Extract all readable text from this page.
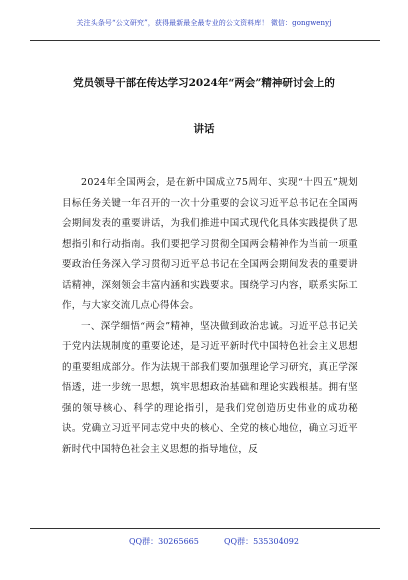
关注头条号“公文研究”，获得最新最全最专业的公文资料库！ 微信：gongwenyj
党员领导干部在传达学习2024年“两会”精神研讨会上的
讲话

2024年全国两会，是在新中国成立75周年、实现“十四五”规划目标任务关键一年召开的一次十分重要的会议习近平总书记在全国两会期间发表的重要讲话，为我们推进中国式现代化具体实践提供了思想指引和行动指南。我们要把学习贯彻全国两会精神作为当前一项重要政治任务深入学习贯彻习近平总书记在全国两会期间发表的重要讲话精神，深刻领会丰富内涵和实践要求。围绕学习内容，联系实际工作，与大家交流几点心得体会。

一、深学细悟“两会”精神，坚决做到政治忠诚。习近平总书记关于党内法规制度的重要论述，是习近平新时代中国特色社会主义思想的重要组成部分。作为法规干部我们要加强理论学习研究，真正学深悟透，进一步统一思想，筑牢思想政治基础和理论实践根基。拥有坚强的领导核心、科学的理论指引，是我们党创造历史伟业的成功秘诀。党确立习近平同志党中央的核心、全党的核心地位，确立习近平新时代中国特色社会主义思想的指导地位，反

QQ群：30265665	QQ群：535304092
